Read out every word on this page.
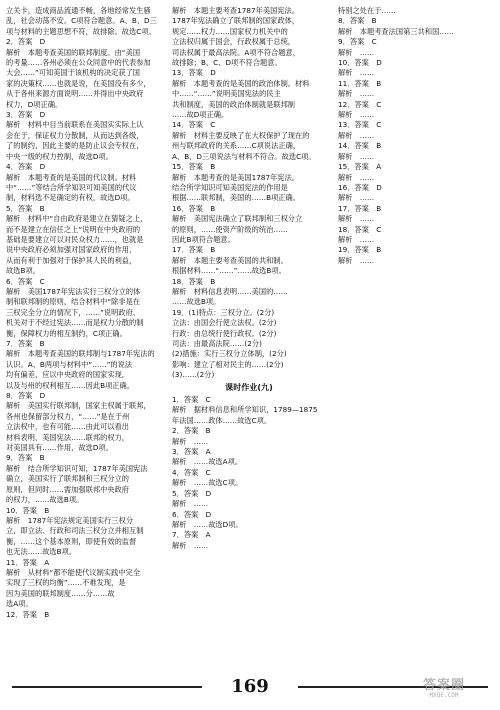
立关卡，造成商品流通不畅，各地经常发生骚
乱，社会动荡不安。C项符合题意。A、B、D三
项与材料的主题思想不符，故排除。故选C项。
2．答案　D
解析　本题考查美国的联邦制度。由“美国
的考量……各州必须在公众同意中的代表参加
大会……”可知美国于该机构的决定获了国
家的决策权……也就是说，在美国没有多少，
从于各州来源方面说明……并得出中央政府
权力，D项正确。
3．答案　D
解析　材料中目当前联系在美国实实际上认
会在于，保证权力分散制，从而达到各级，
了的制约，因此主要的是防止议会专权在，
中央一级的权力控制，故选D项。
4．答案　D
解析　本题考查的是美国的代议制。材料
中“……”等结合所学知识可知美国的代议
制，材料选不足确定的有权，故选D项。
5．答案　B
解析　材料中“自由政府是建立在猜疑之上，
而不是建立在信任之上”说明在中央政府的
基础是要建立可以对民众权力……，也就是
说中央政府必须加强对国家政府的作用，
从而有利于加强对于保护其人民的利益，
故选B项。
6．答案　C
解析　美国1787年宪法实行三权分立的体
制和联邦制的原则，结合材料中“除非是在
三权完全分立的情况下，……”说明政府、
机关对于不经过宪法……而是权力分散的制
衡，保障权力的相互制约，C项正确。
7．答案　B
解析　本题考查美国的联邦制与1787年宪法的
认识。A、B两项与材料中“……”的说法
均有偏差，应以中央政府的国家实现，
以及与州的权利相互……因此B项正确。
8．答案　D
解析　美国实行联邦制，国家主权属于联邦，
各州也保留部分权力，“……”是在于州
立法权中，也有可能……由此可以看出
材料表明，美国宪法……联邦的权力，
对美国具有……作用，故选D项。
9．答案　B
解析　结合所学知识可知，1787年美国宪法
确立，美国实行了联邦制和三权分立的
原则，但同时……需加强联邦中央政府
的权力，……故选B项。
10．答案　B
解析　1787年宪法规定美国实行三权分
立，即立法、行政和司法三权分立并相互制
衡，……这个基本原则，即使有效的监督
也无法……故选B项。
11．答案　A
解析　从材料“都不能使代议制实践中完全
实现了三权的均衡”……不难发现，是
因为美国的联邦制度……分……故
选A项。
12．答案　B
解析　本题主要考查1787年美国宪法。
1787年宪法确立了联邦制的国家政体，
规定……权力……国家权力机关中的
立法权归属于国会，行政权属于总统，
司法权属于最高法院。A项不符合题意，
故排除；B、C、D项不符合题意。
13．答案　D
解析　本题考查的是美国的政治体制。材料
中……“……”说明美国宪法的民主
共和制度，美国的政治体制就是联邦制
……故D项正确。
14．答案　C
解析　材料主要反映了在大权保护了现在的
州与联邦政府的关系……C项说法正确，
A、B、D三项说法与材料不符合。故选C项。
15．答案　B
解析　本题考查的是美国1787年宪法。
结合所学知识可知美国宪法的作用是
根据……联邦制，美国的……B项正确。
16．答案　B
解析　美国宪法确立了联邦制和三权分立
的原则，……使资产阶级的统治……
因此B项符合题意。
17．答案　B
解析　本题主要考查美国的共和制。
根据材料……“……”……故选B项。
18．答案　B
解析　材料信息表明……美国的……
……故选B项。
19．(1)特点：三权分立。(2分)
立法：由国会行使立法权。(2分)
行政：由总统行使行政权。(2分)
司法：由最高法院……(2分)
(2)措施：实行三权分立体制，(2分)
影响：建立了相对民主的……(2分)
(3)……(2分)
课时作业(九)
1．答案　C
解析　据材料信息和所学知识，1789—1875
年法国……政体……故选C项。
2．答案　B
解析　……
3．答案　A
解析　……故选A项。
4．答案　C
解析　……故选C项。
5．答案　D
解析　……
6．答案　D
解析　……故选D项。
7．答案　A
解析　……
特别之处在于……
8．答案　B
解析　本题考查法国第三共和国……
9．答案　C
解析　……
10．答案　D
解析　……
11．答案　B
解析　……
12．答案　C
解析　……
13．答案　C
解析　……
14．答案　B
解析　……
15．答案　A
解析　……
16．答案　D
解析　……
17．答案　B
解析　……
18．答案　C
解析　……
19．答案　B
解析　……
169	答案圈
MXQE.COM
